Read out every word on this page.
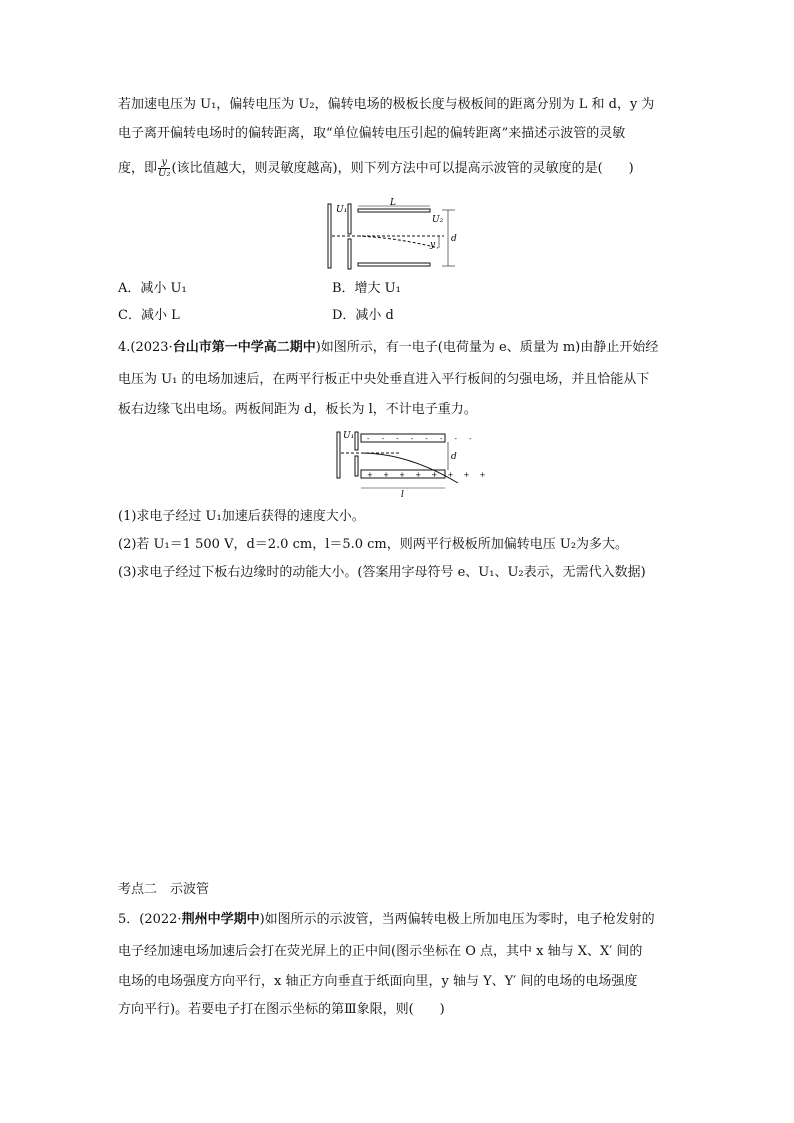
若加速电压为 U₁，偏转电压为 U₂，偏转电场的极板长度与极板间的距离分别为 L 和 d，y 为
电子离开偏转电场时的偏转距离，取“单位偏转电压引起的偏转距离”来描述示波管的灵敏
度，即 $\frac{y}{\text{U₂}}$ (该比值越大，则灵敏度越高)，则下列方法中可以提高示波管的灵敏度的是(　　)
U₁
L
U₂
d
y
A．减小 U₁	B．增大 U₁
C．减小 L	D．减小 d
4.(2023·台山市第一中学高二期中)如图所示，有一电子(电荷量为 e、质量为 m)由静止开始经
电压为 U₁ 的电场加速后，在两平行板正中央处垂直进入平行板间的匀强电场，并且恰能从下
板右边缘飞出电场。两板间距为 d，板长为 l，不计电子重力。
- - - - - - - -
+ + + + + + + +
U₁
d
l
(1)求电子经过 U₁加速后获得的速度大小。
(2)若 U₁＝1 500 V，d＝2.0 cm，l＝5.0 cm，则两平行极板所加偏转电压 U₂为多大。
(3)求电子经过下板右边缘时的动能大小。(答案用字母符号 e、U₁、U₂表示，无需代入数据)
考点二　示波管
5．(2022·荆州中学期中)如图所示的示波管，当两偏转电极上所加电压为零时，电子枪发射的
电子经加速电场加速后会打在荧光屏上的正中间(图示坐标在 O 点，其中 x 轴与 X、X′ 间的
电场的电场强度方向平行，x 轴正方向垂直于纸面向里，y 轴与 Y、Y′ 间的电场的电场强度
方向平行)。若要电子打在图示坐标的第Ⅲ象限，则(　　)
